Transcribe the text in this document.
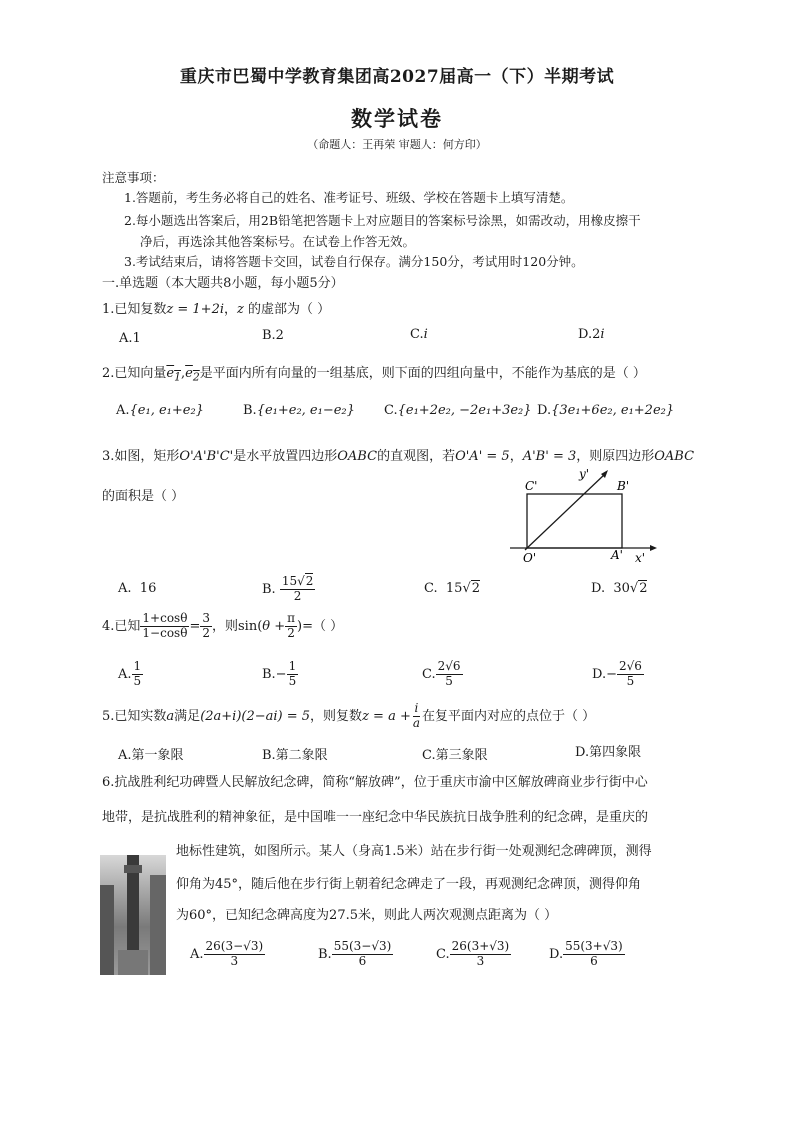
重庆市巴蜀中学教育集团高2027届高一（下）半期考试
数学试卷
（命题人：王再荣 审题人：何方印）
注意事项：
1.答题前，考生务必将自己的姓名、准考证号、班级、学校在答题卡上填写清楚。
2.每小题选出答案后，用2B铅笔把答题卡上对应题目的答案标号涂黑，如需改动，用橡皮擦干
净后，再选涂其他答案标号。在试卷上作答无效。
3.考试结束后，请将答题卡交回，试卷自行保存。满分150分，考试用时120分钟。
一.单选题（本大题共8小题，每小题5分）
1.已知复数z = 1+2i，z 的虚部为（ ）
A.1	B.2	C.i	D.2i
2.已知向量$e_1,e_2$是平面内所有向量的一组基底，则下面的四组向量中，不能作为基底的是（ ）
A.{e₁, e₁+e₂}	B.{e₁+e₂, e₁−e₂} C.{e₁+2e₂, −2e₁+3e₂} D.{3e₁+6e₂, e₁+2e₂}
3.如图，矩形O'A'B'C'是水平放置四边形OABC的直观图，若O'A' = 5，A'B' = 3，则原四边形OABC
的面积是（ ）
C'	B'
O'	A' x'
y'
A. 16	B. $\frac{15√2}{2}$	C. 15√2	D. 30√2
4.已知 $\frac{1+\cos\theta}{1-\cos\theta} = \frac{3}{2}$ ，则$\sin(\theta + \frac{\pi}{2}$ )=（ ）
A. $\frac{1}{5}$	$B.- \frac{1}{5}$	C. $\frac{2√6}{5}$	$D.- \frac{2√6}{5}$
5.已知实数a满足(2a+i)(2−ai) = 5，则复数$z = a + \frac{i}{a}$ 在复平面内对应的点位于（ ）
A.第一象限	B.第二象限	C.第三象限	D.第四象限
6.抗战胜利纪功碑暨人民解放纪念碑，简称“解放碑”，位于重庆市渝中区解放碑商业步行街中心
地带，是抗战胜利的精神象征，是中国唯一一座纪念中华民族抗日战争胜利的纪念碑，是重庆的
地标性建筑，如图所示。某人（身高1.5米）站在步行街一处观测纪念碑碑顶，测得
仰角为45°，随后他在步行街上朝着纪念碑走了一段，再观测纪念碑顶，测得仰角
为60°，已知纪念碑高度为27.5米，则此人两次观测点距离为（ ）
A. $\frac{26(3-√3)}{3}$	B. $\frac{55(3-√3)}{6}$	C. $\frac{26(3+√3)}{3}$	D. $\frac{55(3+√3)}{6}$
